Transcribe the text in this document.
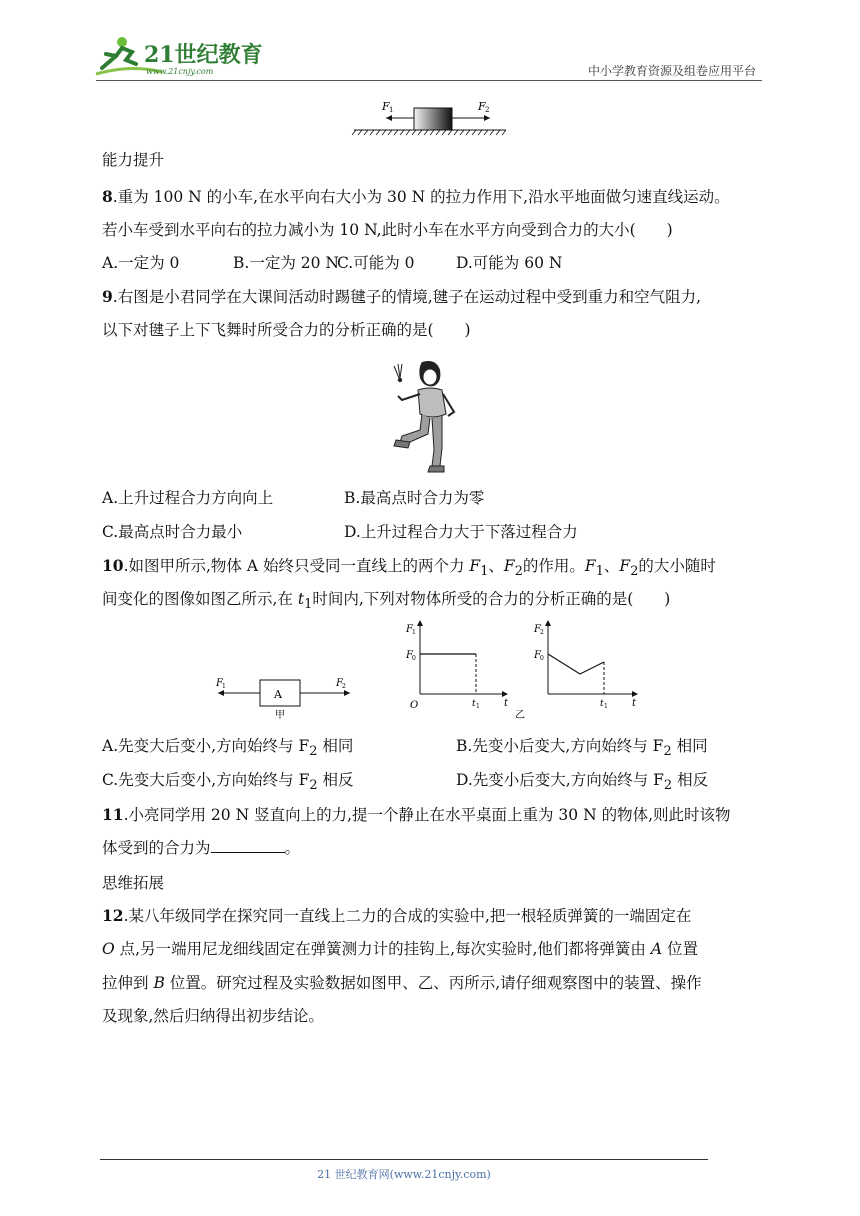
21世纪教育
www.21cnjy.com	中小学教育资源及组卷应用平台
F 1	F 2
能力提升
8.重为 100 N 的小车,在水平向右大小为 30 N 的拉力作用下,沿水平地面做匀速直线运动。
若小车受到水平向右的拉力减小为 10 N,此时小车在水平方向受到合力的大小(　　)
A.一定为 0	B.一定为 20 N
C.可能为 0	D.可能为 60 N
9.右图是小君同学在大课间活动时踢毽子的情境,毽子在运动过程中受到重力和空气阻力,
以下对毽子上下飞舞时所受合力的分析正确的是(　　)
A.上升过程合力方向向上	B.最高点时合力为零
C.最高点时合力最小	D.上升过程合力大于下落过程合力
10.如图甲所示,物体 A 始终只受同一直线上的两个力 $F_1$、$F_2$的作用。$F_1$、$F_2$的大小随时
间变化的图像如图乙所示,在 $t_1$时间内,下列对物体所受的合力的分析正确的是(　　)
A
F 1	F 2
甲
F 1
F 0
O	t 1 t
F 2
F 0
乙
t 1 t
A.先变大后变小,方向始终与 $F_2$ 相同	B.先变小后变大,方向始终与 $F_2$ 相同
C.先变大后变小,方向始终与 $F_2$ 相反	D.先变小后变大,方向始终与 $F_2$ 相反
11.小亮同学用 20 N 竖直向上的力,提一个静止在水平桌面上重为 30 N 的物体,则此时该物
体受到的合力为	。
思维拓展
12.某八年级同学在探究同一直线上二力的合成的实验中,把一根轻质弹簧的一端固定在
O 点,另一端用尼龙细线固定在弹簧测力计的挂钩上,每次实验时,他们都将弹簧由 A 位置
拉伸到 B 位置。研究过程及实验数据如图甲、乙、丙所示,请仔细观察图中的装置、操作
及现象,然后归纳得出初步结论。
21 世纪教育网(www.21cnjy.com)
